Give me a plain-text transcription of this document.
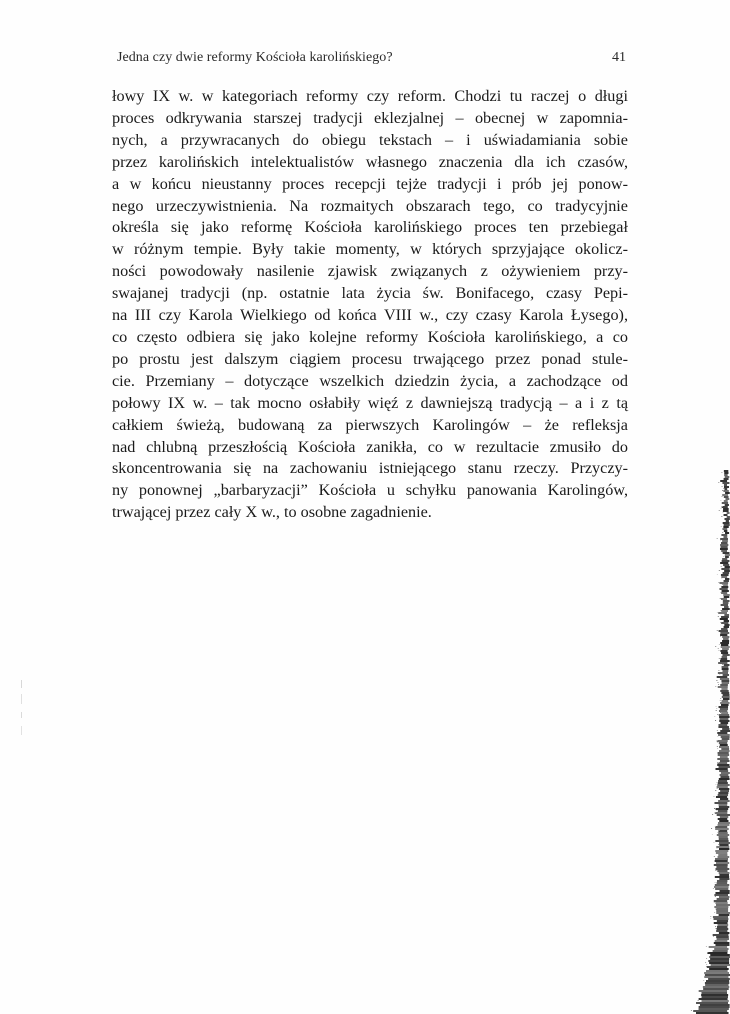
Jedna czy dwie reformy Kościoła karolińskiego?	41
łowy IX w. w kategoriach reformy czy reform. Chodzi tu raczej o długi
proces odkrywania starszej tradycji eklezjalnej – obecnej w zapomnia-
nych, a przywracanych do obiegu tekstach – i uświadamiania sobie
przez karolińskich intelektualistów własnego znaczenia dla ich czasów,
a w końcu nieustanny proces recepcji tejże tradycji i prób jej ponow-
nego urzeczywistnienia. Na rozmaitych obszarach tego, co tradycyjnie
określa się jako reformę Kościoła karolińskiego proces ten przebiegał
w różnym tempie. Były takie momenty, w których sprzyjające okolicz-
ności powodowały nasilenie zjawisk związanych z ożywieniem przy-
swajanej tradycji (np. ostatnie lata życia św. Bonifacego, czasy Pepi-
na III czy Karola Wielkiego od końca VIII w., czy czasy Karola Łysego),
co często odbiera się jako kolejne reformy Kościoła karolińskiego, a co
po prostu jest dalszym ciągiem procesu trwającego przez ponad stule-
cie. Przemiany – dotyczące wszelkich dziedzin życia, a zachodzące od
połowy IX w. – tak mocno osłabiły więź z dawniejszą tradycją – a i z tą
całkiem świeżą, budowaną za pierwszych Karolingów – że refleksja
nad chlubną przeszłością Kościoła zanikła, co w rezultacie zmusiło do
skoncentrowania się na zachowaniu istniejącego stanu rzeczy. Przyczy-
ny ponownej „barbaryzacji” Kościoła u schyłku panowania Karolingów,
trwającej przez cały X w., to osobne zagadnienie.
